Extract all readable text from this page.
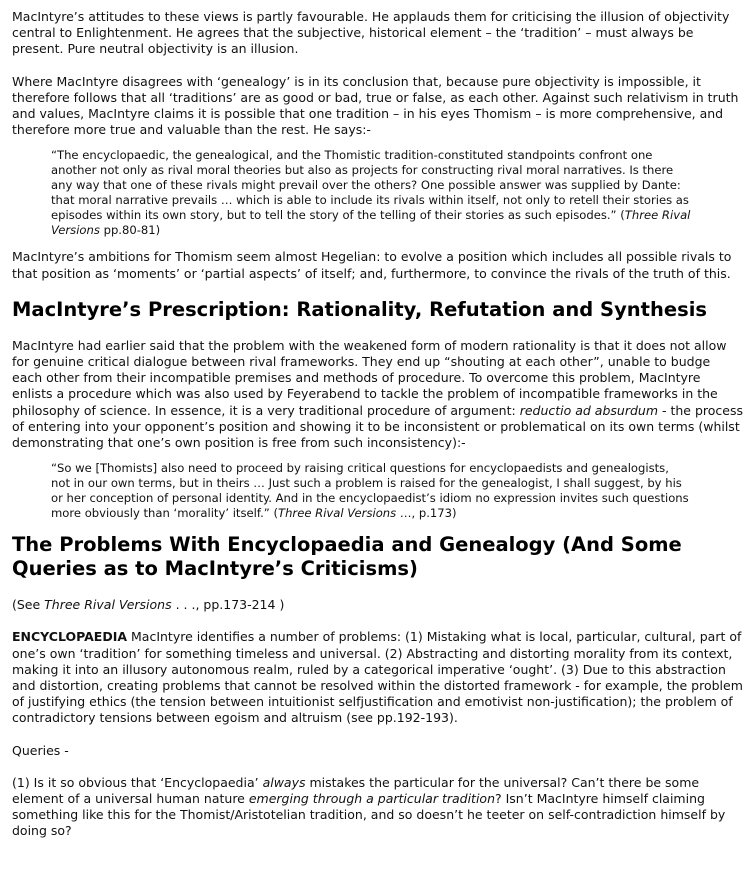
MacIntyre’s attitudes to these views is partly favourable. He applauds them for criticising the illusion of objectivity central to Enlightenment. He agrees that the subjective, historical element – the ‘tradition’ – must always be present. Pure neutral objectivity is an illusion.

Where MacIntyre disagrees with ‘genealogy’ is in its conclusion that, because pure objectivity is impossible, it therefore follows that all ‘traditions’ are as good or bad, true or false, as each other. Against such relativism in truth and values, MacIntyre claims it is possible that one tradition – in his eyes Thomism – is more comprehensive, and therefore more true and valuable than the rest. He says:-

“The encyclopaedic, the genealogical, and the Thomistic tradition-constituted standpoints confront one another not only as rival moral theories but also as projects for constructing rival moral narratives. Is there any way that one of these rivals might prevail over the others? One possible answer was supplied by Dante: that moral narrative prevails … which is able to include its rivals within itself, not only to retell their stories as episodes within its own story, but to tell the story of the telling of their stories as such episodes.” (Three Rival Versions pp.80-81)

MacIntyre’s ambitions for Thomism seem almost Hegelian: to evolve a position which includes all possible rivals to that position as ‘moments’ or ‘partial aspects’ of itself; and, furthermore, to convince the rivals of the truth of this.

MacIntyre’s Prescription: Rationality, Refutation and Synthesis

MacIntyre had earlier said that the problem with the weakened form of modern rationality is that it does not allow for genuine critical dialogue between rival frameworks. They end up “shouting at each other”, unable to budge each other from their incompatible premises and methods of procedure. To overcome this problem, MacIntyre enlists a procedure which was also used by Feyerabend to tackle the problem of incompatible frameworks in the philosophy of science. In essence, it is a very traditional procedure of argument: reductio ad absurdum - the process of entering into your opponent’s position and showing it to be inconsistent or problematical on its own terms (whilst demonstrating that one’s own position is free from such inconsistency):-

“So we [Thomists] also need to proceed by raising critical questions for encyclopaedists and genealogists, not in our own terms, but in theirs … Just such a problem is raised for the genealogist, I shall suggest, by his or her conception of personal identity. And in the encyclopaedist’s idiom no expression invites such questions more obviously than ‘morality’ itself.” (Three Rival Versions …, p.173)
The Problems With Encyclopaedia and Genealogy (And Some Queries as to MacIntyre’s Criticisms)

(See Three Rival Versions . . ., pp.173-214 )

ENCYCLOPAEDIA MacIntyre identifies a number of problems: (1) Mistaking what is local, particular, cultural, part of one’s own ‘tradition’ for something timeless and universal. (2) Abstracting and distorting morality from its context, making it into an illusory autonomous realm, ruled by a categorical imperative ‘ought’. (3) Due to this abstraction and distortion, creating problems that cannot be resolved within the distorted framework - for example, the problem of justifying ethics (the tension between intuitionist selfjustification and emotivist non-justification); the problem of contradictory tensions between egoism and altruism (see pp.192-193).

Queries -

(1) Is it so obvious that ‘Encyclopaedia’ always mistakes the particular for the universal? Can’t there be some element of a universal human nature emerging through a particular tradition? Isn’t MacIntyre himself claiming something like this for the Thomist/Aristotelian tradition, and so doesn’t he teeter on self-contradiction himself by doing so?
